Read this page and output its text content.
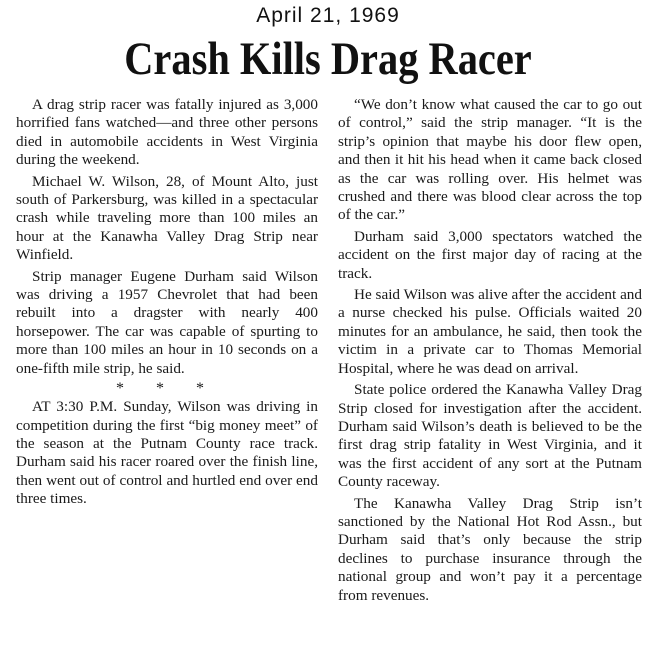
April 21, 1969
Crash Kills Drag Racer

A drag strip racer was fatally injured as 3,000 horrified fans watched—and three other persons died in automobile accidents in West Virginia during the weekend.

Michael W. Wilson, 28, of Mount Alto, just south of Parkersburg, was killed in a spectacular crash while traveling more than 100 miles an hour at the Kanawha Valley Drag Strip near Winfield.

Strip manager Eugene Durham said Wilson was driving a 1957 Chevrolet that had been rebuilt into a dragster with nearly 400 horsepower. The car was capable of spurting to more than 100 miles an hour in 10 seconds on a one-fifth mile strip, he said.

* * *

AT 3:30 P.M. Sunday, Wilson was driving in competition during the first “big money meet” of the season at the Putnam County race track. Durham said his racer roared over the finish line, then went out of control and hurtled end over end three times.

“We don’t know what caused the car to go out of control,” said the strip manager. “It is the strip’s opinion that maybe his door flew open, and then it hit his head when it came back closed as the car was rolling over. His helmet was crushed and there was blood clear across the top of the car.”

Durham said 3,000 spectators watched the accident on the first major day of racing at the track.

He said Wilson was alive after the accident and a nurse checked his pulse. Officials waited 20 minutes for an ambulance, he said, then took the victim in a private car to Thomas Memorial Hospital, where he was dead on arrival.

State police ordered the Kanawha Valley Drag Strip closed for investigation after the accident. Durham said Wilson’s death is believed to be the first drag strip fatality in West Virginia, and it was the first accident of any sort at the Putnam County raceway.

The Kanawha Valley Drag Strip isn’t sanctioned by the National Hot Rod Assn., but Durham said that’s only because the strip declines to purchase insurance through the national group and won’t pay it a percentage from revenues.
